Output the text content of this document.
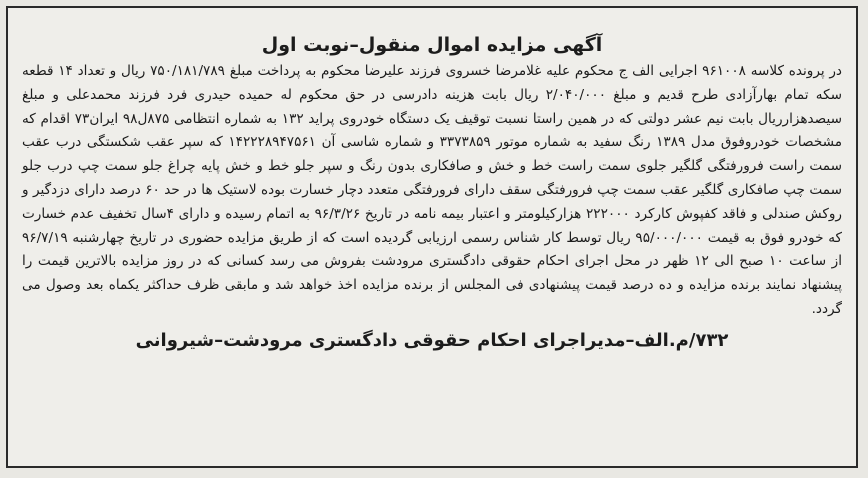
آگهی مزایده اموال منقول–نوبت اول

در پرونده کلاسه ۹۶۱۰۰۸ اجرایی الف ج محکوم علیه غلامرضا خسروی فرزند علیرضا محکوم به پرداخت مبلغ ۷۵۰/۱۸۱/۷۸۹ ریال و تعداد ۱۴ قطعه سکه تمام بهارآزادی طرح قدیم و مبلغ ۲/۰۴۰/۰۰۰ ریال بابت هزینه دادرسی در حق محکوم له حمیده حیدری فرد فرزند محمدعلی و مبلغ سیصدهزارریال بابت نیم عشر دولتی که در همین راستا نسبت توقیف یک دستگاه خودروی پراید ۱۳۲ به شماره انتظامی ۸۷۵ل۹۸ ایران۷۳ اقدام که مشخصات خودروفوق مدل ۱۳۸۹ رنگ سفید به شماره موتور ۳۳۷۳۸۵۹ و شماره شاسی آن ۱۴۲۲۲۸۹۴۷۵۶۱ که سپر عقب شکستگی درب عقب سمت راست فرورفتگی گلگیر جلوی سمت راست خط و خش و صافکاری بدون رنگ و سپر جلو خط و خش پایه چراغ جلو سمت چپ درب جلو سمت چپ صافکاری گلگیر عقب سمت چپ فرورفتگی سقف دارای فرورفتگی متعدد دچار خسارت بوده لاستیک ها در حد ۶۰ درصد دارای دزدگیر و روکش صندلی و فاقد کفپوش کارکرد ۲۲۲۰۰۰ هزارکیلومتر و اعتبار بیمه نامه در تاریخ ۹۶/۳/۲۶ به اتمام رسیده و دارای ۴سال تخفیف عدم خسارت که خودرو فوق به قیمت ۹۵/۰۰۰/۰۰۰ ریال توسط کار شناس رسمی ارزیابی گردیده است که از طریق مزایده حضوری در تاریخ چهارشنبه ۹۶/۷/۱۹ از ساعت ۱۰ صبح الی ۱۲ ظهر در محل اجرای احکام حقوقی دادگستری مرودشت بفروش می رسد کسانی که در روز مزایده بالاترین قیمت را پیشنهاد نمایند برنده مزایده و ده درصد قیمت پیشنهادی فی المجلس از برنده مزایده اخذ خواهد شد و مابقی ظرف حداکثر یکماه بعد وصول می گردد.

۷۳۲/م.الف–مدیراجرای احکام حقوقی دادگستری مرودشت–شیروانی
